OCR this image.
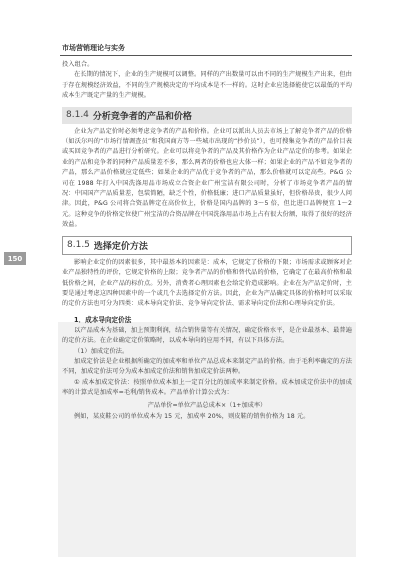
市场营销理论与实务
150

投入组合。

在长期的情况下，企业的生产规模可以调整。同样的产出数量可以由不同的生产规模生产出来，但由于存在规模经济效益，不同的生产规模决定的平均成本是不一样的。这时企业应选择能使它以最低的平均成本生产既定产量的生产规模。

8.1.4 分析竞争者的产品和价格

企业为产品定价时必须考虑竞争者的产品和价格。企业可以派出人员去市场上了解竞争者产品的价格（如沃尔玛的“市场行情调查员”和我国商方等一些城市出现的“抄价员”），也可搜集竞争者的产品价目表或买回竞争者的产品进行分析研究。企业可以将竞争者的产品及其价格作为企业产品定价的参考。如果企业的产品和竞争者的同种产品质量差不多，那么两者的价格也应大体一样；如果企业的产品不如竞争者的产品，那么产品价格就应定低些；如果企业的产品优于竞争者的产品，那么价格就可以定高些。P&G 公司在 1988 年打入中国洗涤用品市场成立合资企业广州宝洁有限公司时，分析了市场竞争者产品的情况：中国国产产品质量差，包装简陋，缺乏个性，价格低廉；进口产品质量虽好，但价格昂贵，很少人问津。因此，P&G 公司将合资品牌定在高价位上，价格是国内品牌的 3～5 倍，但比进口品牌便宜 1～2 元。这种竞争的价格定位使广州宝洁的合资品牌在中国洗涤用品市场上占有很大份额，取得了很好的经济效益。

8.1.5 选择定价方法

影响企业定价的因素很多，其中最基本的因素是：成本，它规定了价格的下限；市场需求或顾客对企业产品独特性的评价，它规定价格的上限；竞争者产品的价格和替代品的价格，它确定了在最高价格和最低价格之间，企业产品的标价点。另外，消费者心理因素也会给定价造成影响。企业在为产品定价时，主要是通过考虑这四种因素中的一个或几个去选择定价方法。因此，企业为产品确定具体的价格时可以采取的定价方法也可分为四类：成本导向定价法、竞争导向定价法、需求导向定价法和心理导向定价法。

1．成本导向定价法

以产品成本为基础，加上预期利润，结合销售量等有关情况，确定价格水平，是企业最基本、最普遍的定价方法。在企业确定定价策略时，以成本导向的应用不同，有以下具体方法。

（1）加成定价法。

加成定价法是企业根据所确定的加成率和单位产品总成本来制定产品的价格。由于毛利率确定的方法不同，加成定价法可分为成本加成定价法和销售加成定价法两种。

① 成本加成定价法：按照单位成本加上一定百分比的加成率来制定价格。成本加成定价法中的加成率的计算式是加成率=毛利/销售成本。产品单价计算公式为：

产品单价=单位产品总成本×（1+加成率）

例如，某皮鞋公司的单位成本为 15 元，加成率 20%，则皮鞋的销售价格为 18 元。
